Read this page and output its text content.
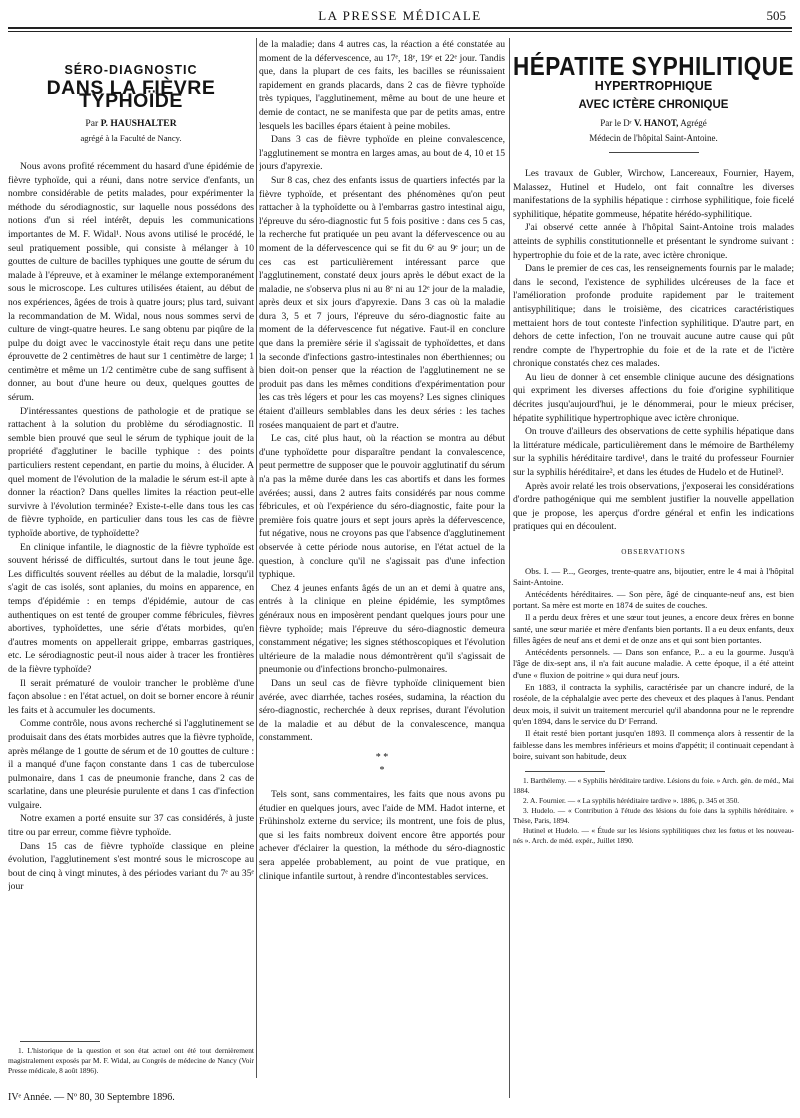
LA PRESSE MÉDICALE	505
SÉRO-DIAGNOSTIC
DANS LA FIÈVRE TYPHOÏDE
Par P. HAUSHALTER
agrégé à la Faculté de Nancy.

Nous avons profité récemment du hasard d'une épidémie de fièvre typhoïde, qui a réuni, dans notre service d'enfants, un nombre considérable de petits malades, pour expérimenter la méthode du sérodiagnostic, sur laquelle nous possédons des notions d'un si réel intérêt, depuis les communications importantes de M. F. Widal¹. Nous avons utilisé le procédé, le seul pratiquement possible, qui consiste à mélanger à 10 gouttes de culture de bacilles typhiques une goutte de sérum du malade à l'épreuve, et à examiner le mélange extemporanément sous le microscope. Les cultures utilisées étaient, au début de nos expériences, âgées de trois à quatre jours; plus tard, suivant la recommandation de M. Widal, nous nous sommes servi de culture de vingt-quatre heures. Le sang obtenu par piqûre de la pulpe du doigt avec le vaccinostyle était reçu dans une petite éprouvette de 2 centimètres de haut sur 1 centimètre de large; 1 centimètre et même un 1/2 centimètre cube de sang suffisent à donner, au bout d'une heure ou deux, quelques gouttes de sérum.

D'intéressantes questions de pathologie et de pratique se rattachent à la solution du problème du sérodiagnostic. Il semble bien prouvé que seul le sérum de typhique jouit de la propriété d'agglutiner le bacille typhique : des points particuliers restent cependant, en partie du moins, à élucider. A quel moment de l'évolution de la maladie le sérum est-il apte à donner la réaction? Dans quelles limites la réaction peut-elle survivre à l'évolution terminée? Existe-t-elle dans tous les cas de fièvre typhoïde, en particulier dans tous les cas de fièvre typhoïde abortive, de typhoïdette?

En clinique infantile, le diagnostic de la fièvre typhoïde est souvent hérissé de difficultés, surtout dans le tout jeune âge. Les difficultés souvent réelles au début de la maladie, lorsqu'il s'agit de cas isolés, sont aplanies, du moins en apparence, en temps d'épidémie : en temps d'épidémie, autour de cas authentiques on est tenté de grouper comme fébricules, fièvres abortives, typhoïdettes, une série d'états morbides, qu'en d'autres moments on appellerait grippe, embarras gastriques, etc. Le sérodiagnostic peut-il nous aider à tracer les frontières de la fièvre typhoïde?

Il serait prématuré de vouloir trancher le problème d'une façon absolue : en l'état actuel, on doit se borner encore à réunir les faits et à accumuler les documents.

Comme contrôle, nous avons recherché si l'agglutinement se produisait dans des états morbides autres que la fièvre typhoïde, après mélange de 1 goutte de sérum et de 10 gouttes de culture : il a manqué d'une façon constante dans 1 cas de tuberculose pulmonaire, dans 1 cas de pneumonie franche, dans 2 cas de scarlatine, dans une pleurésie purulente et dans 1 cas d'infection vulgaire.

Notre examen a porté ensuite sur 37 cas considérés, à juste titre ou par erreur, comme fièvre typhoïde.

Dans 15 cas de fièvre typhoïde classique en pleine évolution, l'agglutinement s'est montré sous le microscope au bout de cinq à vingt minutes, à des périodes variant du 7ᵉ au 35ᵉ jour

1. L'historique de la question et son état actuel ont été tout dernièrement magistralement exposés par M. F. Widal, au Congrès de médecine de Nancy (Voir Presse médicale, 8 août 1896).

de la maladie; dans 4 autres cas, la réaction a été constatée au moment de la défervescence, au 17ᵉ, 18ᵉ, 19ᵉ et 22ᵉ jour. Tandis que, dans la plupart de ces faits, les bacilles se réunissaient rapidement en grands placards, dans 2 cas de fièvre typhoïde très typiques, l'agglutinement, même au bout de une heure et demie de contact, ne se manifesta que par de petits amas, entre lesquels les bacilles épars étaient à peine mobiles.

Dans 3 cas de fièvre typhoïde en pleine convalescence, l'agglutinement se montra en larges amas, au bout de 4, 10 et 15 jours d'apyrexie.

Sur 8 cas, chez des enfants issus de quartiers infectés par la fièvre typhoïde, et présentant des phénomènes qu'on peut rattacher à la typhoïdette ou à l'embarras gastro intestinal aigu, l'épreuve du séro-diagnostic fut 5 fois positive : dans ces 5 cas, la recherche fut pratiquée un peu avant la défervescence ou au moment de la défervescence qui se fit du 6ᵉ au 9ᵉ jour; un de ces cas est particulièrement intéressant parce que l'agglutinement, constaté deux jours après le début exact de la maladie, ne s'observa plus ni au 8ᵉ ni au 12ᵉ jour de la maladie, après deux et six jours d'apyrexie. Dans 3 cas où la maladie dura 3, 5 et 7 jours, l'épreuve du séro-diagnostic faite au moment de la défervescence fut négative. Faut-il en conclure que dans la première série il s'agissait de typhoïdettes, et dans la seconde d'infections gastro-intestinales non éberthiennes; ou bien doit-on penser que la réaction de l'agglutinement ne se produit pas dans les mêmes conditions d'expérimentation pour les cas très légers et pour les cas moyens? Les signes cliniques étaient d'ailleurs semblables dans les deux séries : les taches rosées manquaient de part et d'autre.

Le cas, cité plus haut, où la réaction se montra au début d'une typhoïdette pour disparaître pendant la convalescence, peut permettre de supposer que le pouvoir agglutinatif du sérum n'a pas la même durée dans les cas abortifs et dans les formes avérées; aussi, dans 2 autres faits considérés par nous comme fébricules, et où l'expérience du séro-diagnostic, faite pour la première fois quatre jours et sept jours après la défervescence, fut négative, nous ne croyons pas que l'absence d'agglutinement observée à cette période nous autorise, en l'état actuel de la question, à conclure qu'il ne s'agissait pas d'une infection typhique.

Chez 4 jeunes enfants âgés de un an et demi à quatre ans, entrés à la clinique en pleine épidémie, les symptômes généraux nous en imposèrent pendant quelques jours pour une fièvre typhoïde; mais l'épreuve du séro-diagnostic demeura constamment négative; les signes stéthoscopiques et l'évolution ultérieure de la maladie nous démontrèrent qu'il s'agissait de pneumonie ou d'infections broncho-pulmonaires.

Dans un seul cas de fièvre typhoïde cliniquement bien avérée, avec diarrhée, taches rosées, sudamina, la réaction du séro-diagnostic, recherchée à deux reprises, durant l'évolution de la maladie et au début de la convalescence, manqua constamment.

* *
*

Tels sont, sans commentaires, les faits que nous avons pu étudier en quelques jours, avec l'aide de MM. Hadot interne, et Frühinsholz externe du service; ils montrent, une fois de plus, que si les faits nombreux doivent encore être apportés pour achever d'éclairer la question, la méthode du séro-diagnostic sera appelée probablement, au point de vue pratique, en clinique infantile surtout, à rendre d'incontestables services.

HÉPATITE SYPHILITIQUE
HYPERTROPHIQUE
AVEC ICTÈRE CHRONIQUE
Par le Dʳ V. HANOT, Agrégé
Médecin de l'hôpital Saint-Antoine.

Les travaux de Gubler, Wirchow, Lancereaux, Fournier, Hayem, Malassez, Hutinel et Hudelo, ont fait connaître les diverses manifestations de la syphilis hépatique : cirrhose syphilitique, foie ficelé syphilitique, hépatite gommeuse, hépatite hérédo-syphilitique.

J'ai observé cette année à l'hôpital Saint-Antoine trois malades atteints de syphilis constitutionnelle et présentant le syndrome suivant : hypertrophie du foie et de la rate, avec ictère chronique.

Dans le premier de ces cas, les renseignements fournis par le malade; dans le second, l'existence de syphilides ulcéreuses de la face et l'amélioration profonde produite rapidement par le traitement antisyphilitique; dans le troisième, des cicatrices caractéristiques mettaient hors de tout conteste l'infection syphilitique. D'autre part, en dehors de cette infection, l'on ne trouvait aucune autre cause qui pût rendre compte de l'hypertrophie du foie et de la rate et de l'ictère chronique constatés chez ces malades.

Au lieu de donner à cet ensemble clinique aucune des désignations qui expriment les diverses affections du foie d'origine syphilitique décrites jusqu'aujourd'hui, je le dénommerai, pour le mieux préciser, hépatite syphilitique hypertrophique avec ictère chronique.

On trouve d'ailleurs des observations de cette syphilis hépatique dans la littérature médicale, particulièrement dans le mémoire de Barthélemy sur la syphilis héréditaire tardive¹, dans le traité du professeur Fournier sur la syphilis héréditaire², et dans les études de Hudelo et de Hutinel³.

Après avoir relaté les trois observations, j'exposerai les considérations d'ordre pathogénique qui me semblent justifier la nouvelle appellation que je propose, les aperçus d'ordre général et enfin les indications pratiques qui en découlent.

OBSERVATIONS

Obs. I. — P..., Georges, trente-quatre ans, bijoutier, entre le 4 mai à l'hôpital Saint-Antoine.

Antécédents héréditaires. — Son père, âgé de cinquante-neuf ans, est bien portant. Sa mère est morte en 1874 de suites de couches.

Il a perdu deux frères et une sœur tout jeunes, a encore deux frères en bonne santé, une sœur mariée et mère d'enfants bien portants. Il a eu deux enfants, deux filles âgées de neuf ans et demi et de onze ans et qui sont bien portantes.

Antécédents personnels. — Dans son enfance, P... a eu la gourme. Jusqu'à l'âge de dix-sept ans, il n'a fait aucune maladie. A cette époque, il a été atteint d'une « fluxion de poitrine » qui dura neuf jours.

En 1883, il contracta la syphilis, caractérisée par un chancre induré, de la roséole, de la céphalalgie avec perte des cheveux et des plaques à l'anus. Pendant deux mois, il suivit un traitement mercuriel qu'il abandonna pour ne le reprendre qu'en 1894, dans le service du Dʳ Ferrand.

Il était resté bien portant jusqu'en 1893. Il commença alors à ressentir de la faiblesse dans les membres inférieurs et moins d'appétit; il continuait cependant à boire, suivant son habitude, deux

1. Barthélemy. — « Syphilis héréditaire tardive. Lésions du foie. » Arch. gén. de méd., Mai 1884.

2. A. Fournier. — « La syphilis héréditaire tardive ». 1886, p. 345 et 350.

3. Hudelo. — « Contribution à l'étude des lésions du foie dans la syphilis héréditaire. » Thèse, Paris, 1894.

Hutinel et Hudelo. — « Étude sur les lésions syphilitiques chez les fœtus et les nouveau-nés ». Arch. de méd. expér., Juillet 1890.

IVᵉ Année. — Nº 80, 30 Septembre 1896.
